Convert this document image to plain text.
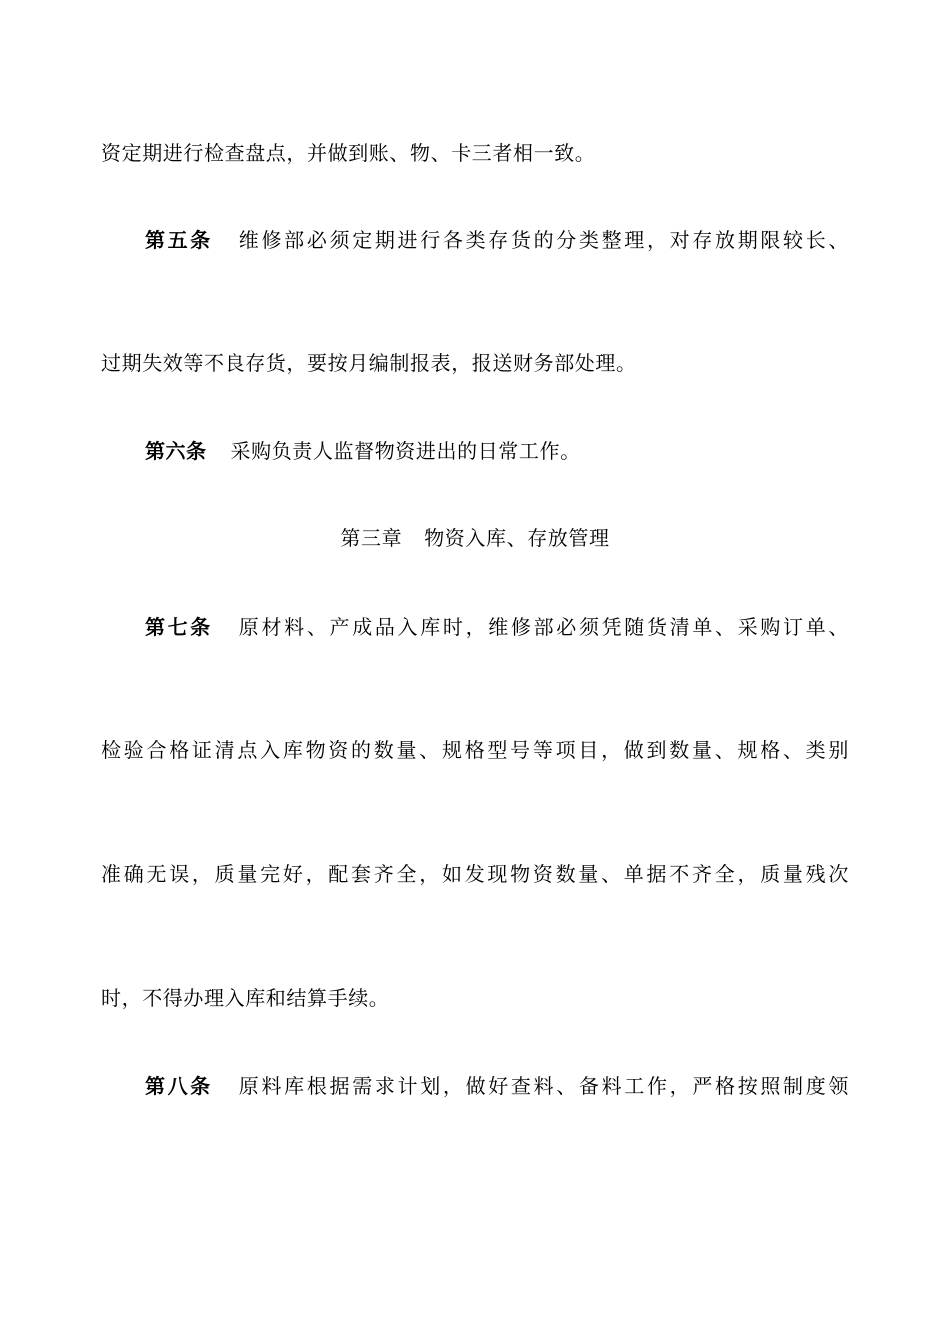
资定期进行检查盘点，并做到账、物、卡三者相一致。
第五条 维修部必须定期进行各类存货的分类整理，对存放期限较长、
过期失效等不良存货，要按月编制报表，报送财务部处理。
第六条 采购负责人监督物资进出的日常工作。
第三章 物资入库、存放管理
第七条 原材料、产成品入库时，维修部必须凭随货清单、采购订单、
检验合格证清点入库物资的数量、规格型号等项目，做到数量、规格、类别
准确无误，质量完好，配套齐全，如发现物资数量、单据不齐全，质量残次
时，不得办理入库和结算手续。
第八条 原料库根据需求计划，做好查料、备料工作，严格按照制度领
